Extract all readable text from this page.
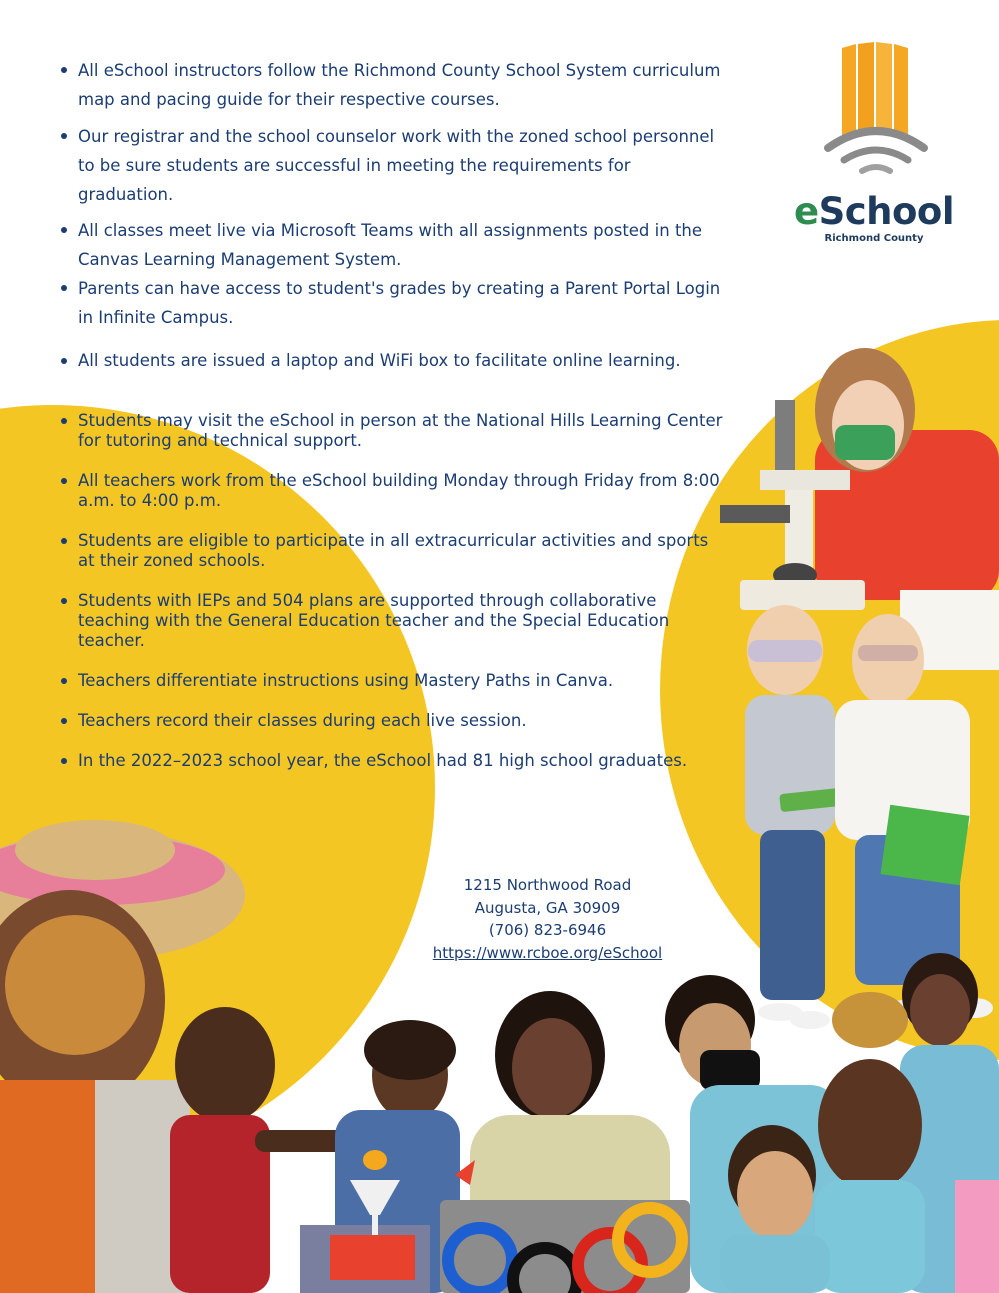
eSchool
Richmond County
All eSchool instructors follow the Richmond County School System curriculum map and pacing guide for their respective courses.
Our registrar and the school counselor work with the zoned school personnel to be sure students are successful in meeting the requirements for graduation.
All classes meet live via Microsoft Teams with all assignments posted in the Canvas Learning Management System.
Parents can have access to student's grades by creating a Parent Portal Login in Infinite Campus.
All students are issued a laptop and WiFi box to facilitate online learning.
Students may visit the eSchool in person at the National Hills Learning Center for tutoring and technical support.
All teachers work from the eSchool building Monday through Friday from 8:00 a.m. to 4:00 p.m.
Students are eligible to participate in all extracurricular activities and sports at their zoned schools.
Students with IEPs and 504 plans are supported through collaborative teaching with the General Education teacher and the Special Education teacher.
Teachers differentiate instructions using Mastery Paths in Canva.
Teachers record their classes during each live session.
In the 2022–2023 school year, the eSchool had 81 high school graduates.
1215 Northwood Road
Augusta, GA 30909
(706) 823-6946
https://www.rcboe.org/eSchool
